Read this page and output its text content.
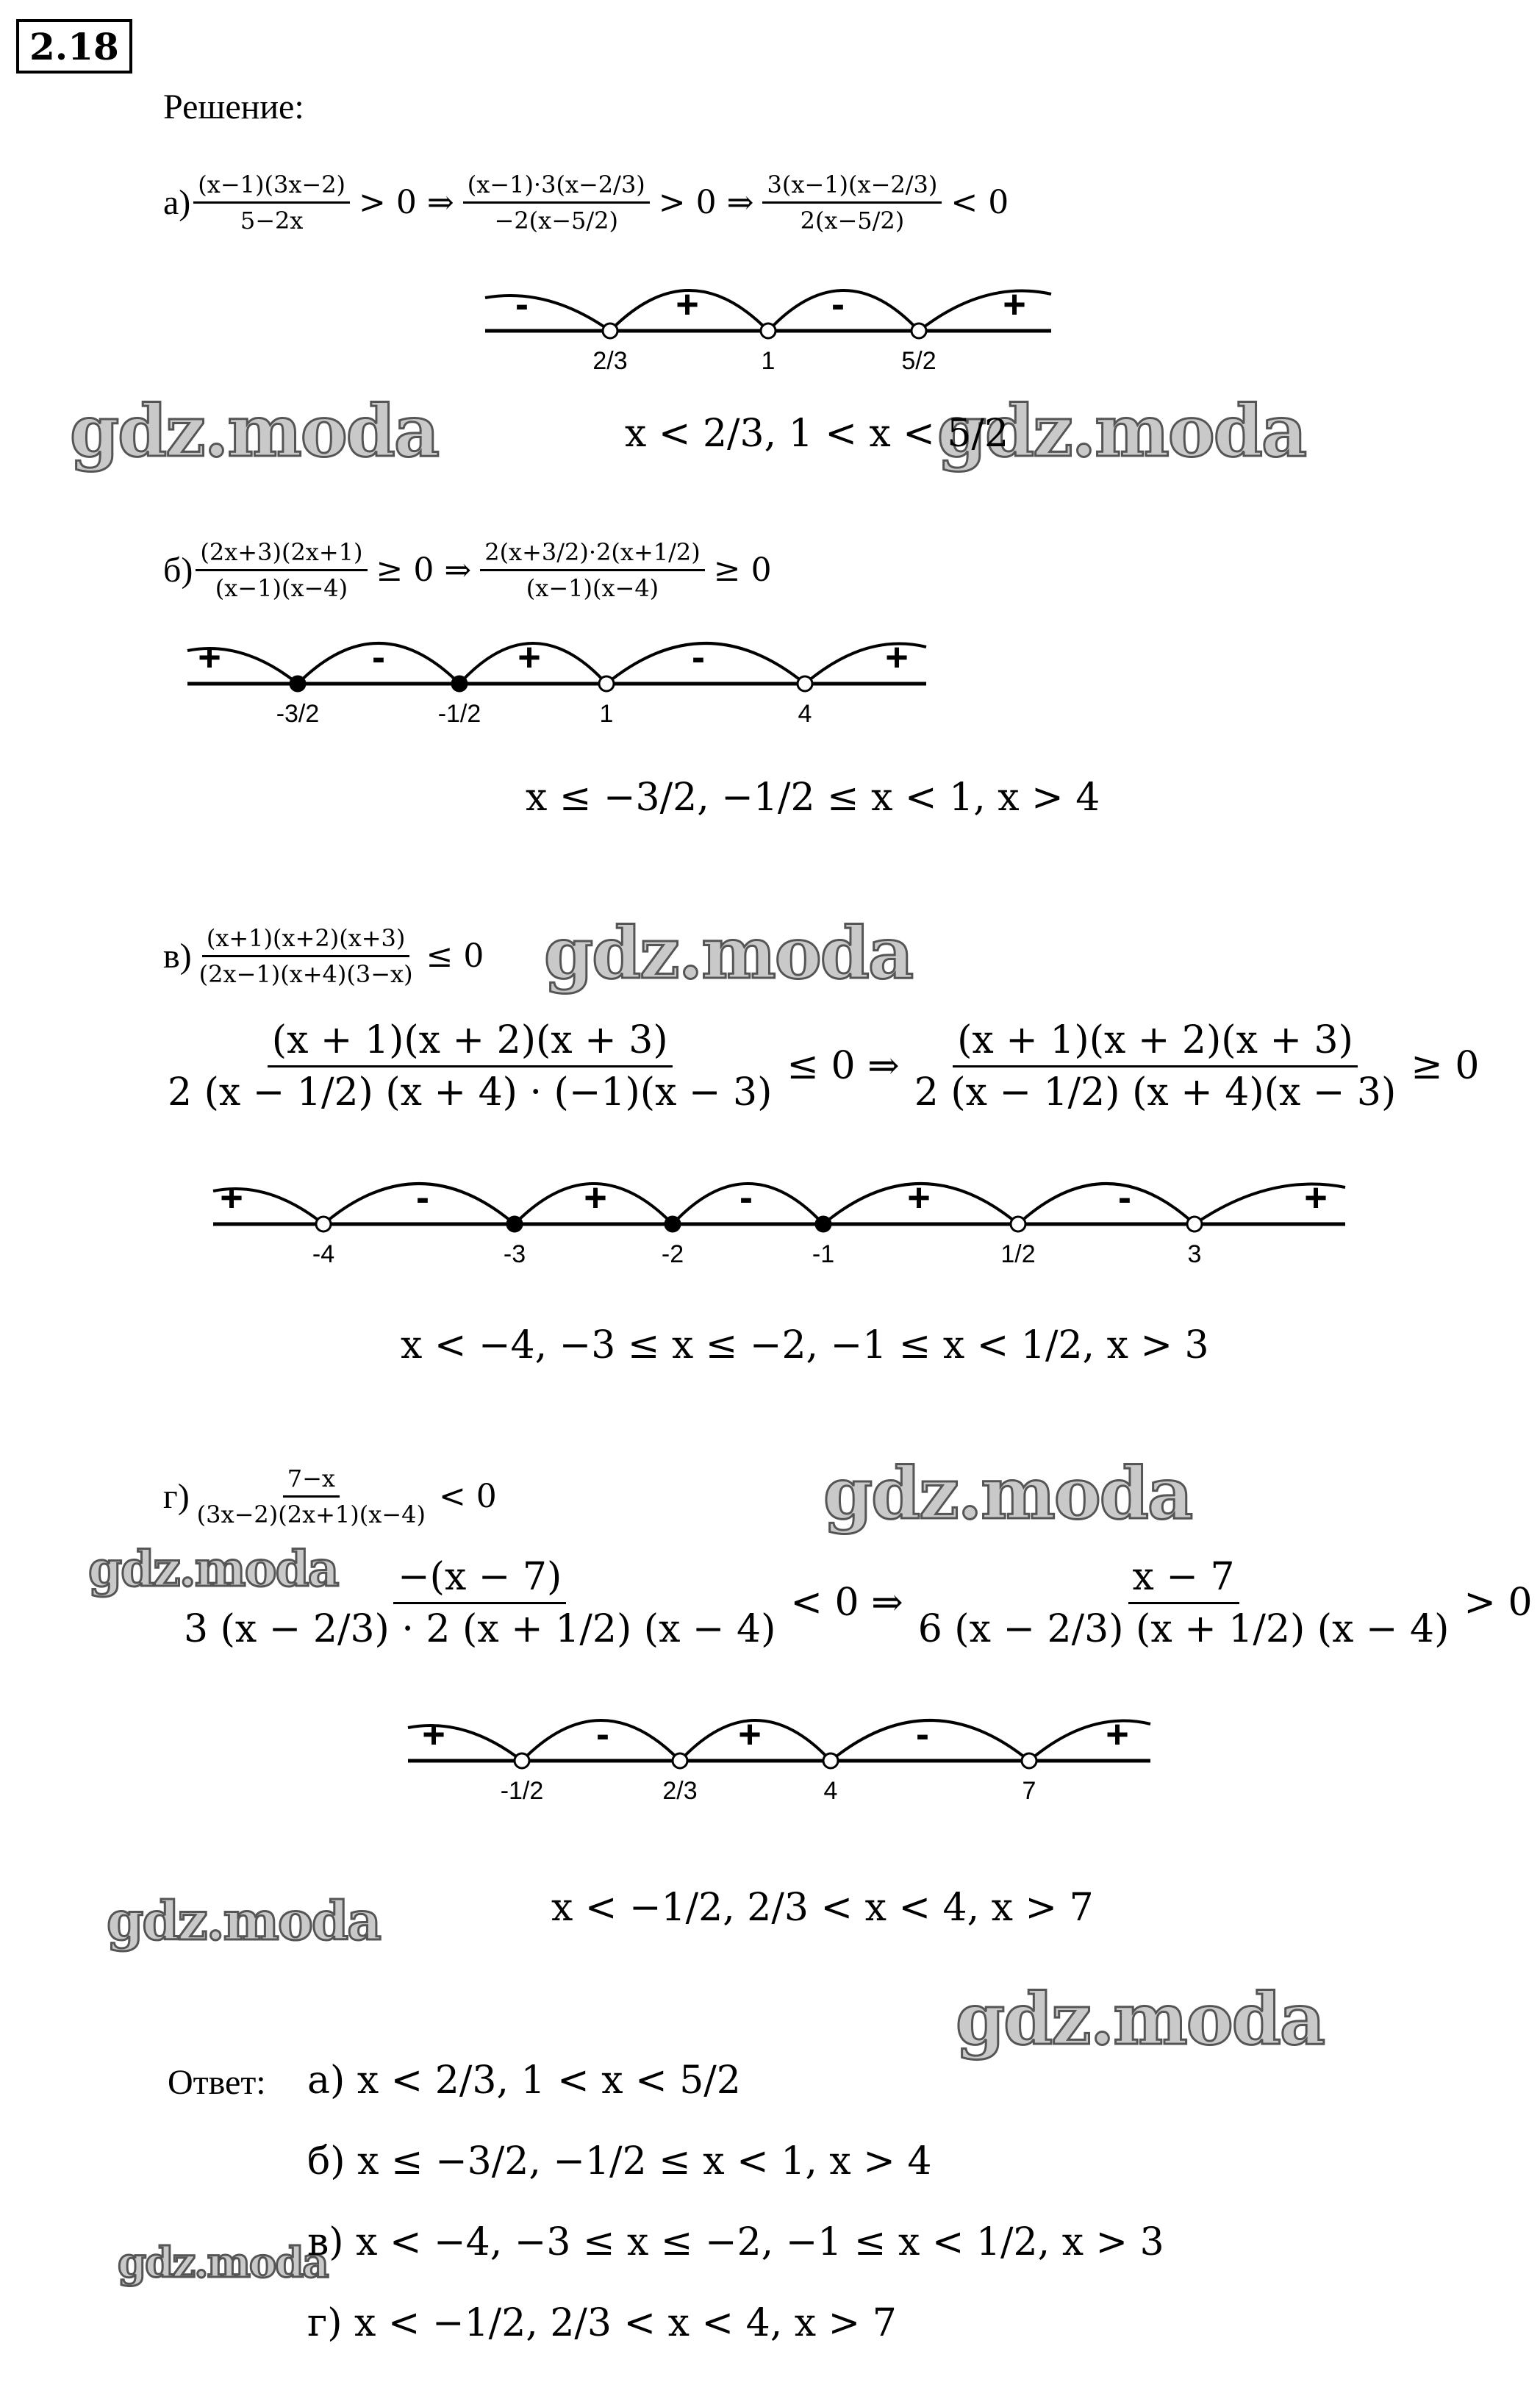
2.18
Решение:
gdz.moda	gdz.moda
gdz.moda
gdz.moda
gdz.moda
gdz.moda
gdz.moda
gdz.moda
$а) \frac{(x-1)(3x-2)}{5-2x} > 0$ ⇒ $\frac{(x-1)\cdot 3(x-2/3)}{-2(x-5/2)} > 0$ ⇒ $\frac{3(x-1)(x-2/3)}{2(x-5/2)} < 0$
-	+	-	+
2/3	1	5/2
x < 2/3, 1 < x < 5/2
$б) \frac{(2x+3)(2x+1)}{(x-1)(x-4)} \ge 0$ ⇒ $\frac{2(x+3/2)\cdot 2(x+1/2)}{(x-1)(x-4)} \ge 0$
+	-	+	-	+
-3/2	-1/2	1	4
x ≤ −3/2, −1/2 ≤ x < 1, x > 4
$в) \frac{(x+1)(x+2)(x+3)}{(2x-1)(x+4)(3-x)} \le 0$
$\frac{(x + 1)(x + 2)(x + 3)}{2 (x - 1/2) (x + 4) \cdot (-1)(x - 3)} \le 0$ ⇒ $\frac{(x + 1)(x + 2)(x + 3)}{2 (x - 1/2) (x + 4)(x - 3)} \ge 0$
+	-	+	-	+	-	+
-4	-3	-2	-1	1/2	3
x < −4, −3 ≤ x ≤ −2, −1 ≤ x < 1/2, x > 3
$г) \frac{7-x}{(3x-2)(2x+1)(x-4)} < 0$
$\frac{-(x - 7)}{3 (x - 2/3) \cdot 2 (x + 1/2) (x - 4)} < 0$ ⇒ $\frac{x - 7}{6 (x - 2/3) (x + 1/2) (x - 4)} > 0$
+	-	+	-	+
-1/2	2/3	4	7
x < −1/2, 2/3 < x < 4, x > 7
Ответ: а) x < 2/3, 1 < x < 5/2
б) x ≤ −3/2, −1/2 ≤ x < 1, x > 4
в) x < −4, −3 ≤ x ≤ −2, −1 ≤ x < 1/2, x > 3
г) x < −1/2, 2/3 < x < 4, x > 7
